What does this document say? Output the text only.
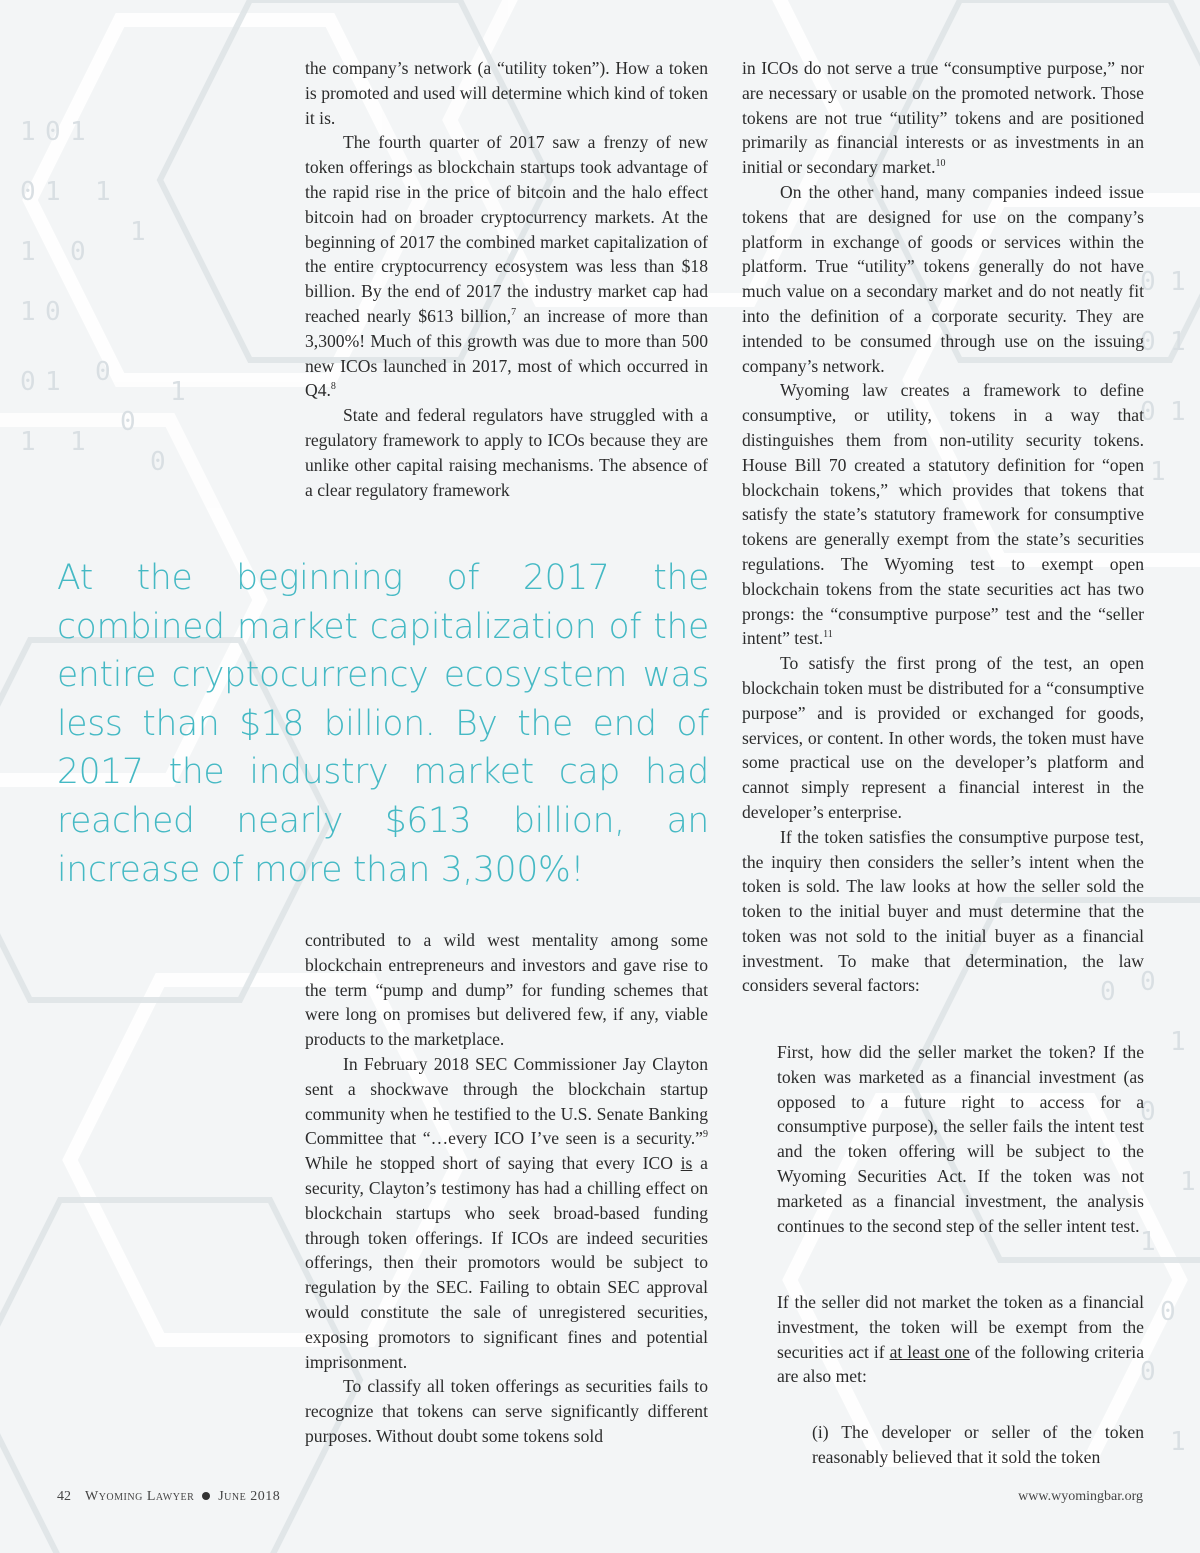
1 0 1
0 1 1
1 0
1
1 0
0 1 0
1 1
0
0
1
0 1
0 1
0 1
1
0
1
0
1
1
0
0
1
0

the company’s network (a “utility token”). How a token is promoted and used will determine which kind of token it is.

The fourth quarter of 2017 saw a frenzy of new token offerings as blockchain startups took advantage of the rapid rise in the price of bitcoin and the halo effect bitcoin had on broader cryptocurrency markets. At the beginning of 2017 the combined market capitalization of the entire cryptocurrency ecosystem was less than $18 billion. By the end of 2017 the industry market cap had reached nearly $613 billion,$^7$ an increase of more than 3,300%! Much of this growth was due to more than 500 new ICOs launched in 2017, most of which occurred in Q4.$^8$

State and federal regulators have struggled with a regulatory framework to apply to ICOs because they are unlike other capital raising mechanisms. The absence of a clear regulatory framework

At the beginning of 2017 the combined market capitalization of the entire cryptocurrency ecosystem was less than $18 billion. By the end of 2017 the industry market cap had reached nearly $613 billion, an increase of more than 3,300%!

contributed to a wild west mentality among some blockchain entrepreneurs and investors and gave rise to the term “pump and dump” for funding schemes that were long on promises but delivered few, if any, viable products to the marketplace.

In February 2018 SEC Commissioner Jay Clayton sent a shockwave through the blockchain startup community when he testified to the U.S. Senate Banking Committee that “…every ICO I’ve seen is a security.”$^9$ While he stopped short of saying that every ICO is a security, Clayton’s testimony has had a chilling effect on blockchain startups who seek broad-based funding through token offerings. If ICOs are indeed securities offerings, then their promotors would be subject to regulation by the SEC. Failing to obtain SEC approval would constitute the sale of unregistered securities, exposing promotors to significant fines and potential imprisonment.

To classify all token offerings as securities fails to recognize that tokens can serve significantly different purposes. Without doubt some tokens sold

in ICOs do not serve a true “consumptive purpose,” nor are necessary or usable on the promoted network. Those tokens are not true “utility” tokens and are positioned primarily as financial interests or as investments in an initial or secondary market.$^{10}$

On the other hand, many companies indeed issue tokens that are designed for use on the company’s platform in exchange of goods or services within the platform. True “utility” tokens generally do not have much value on a secondary market and do not neatly fit into the definition of a corporate security. They are intended to be consumed through use on the issuing company’s network.

Wyoming law creates a framework to define consumptive, or utility, tokens in a way that distinguishes them from non-utility security tokens. House Bill 70 created a statutory definition for “open blockchain tokens,” which provides that tokens that satisfy the state’s statutory framework for consumptive tokens are generally exempt from the state’s securities regulations. The Wyoming test to exempt open blockchain tokens from the state securities act has two prongs: the “consumptive purpose” test and the “seller intent” test.$^{11}$

To satisfy the first prong of the test, an open blockchain token must be distributed for a “consumptive purpose” and is provided or exchanged for goods, services, or content. In other words, the token must have some practical use on the developer’s platform and cannot simply represent a financial interest in the developer’s enterprise.

If the token satisfies the consumptive purpose test, the inquiry then considers the seller’s intent when the token is sold. The law looks at how the seller sold the token to the initial buyer and must determine that the token was not sold to the initial buyer as a financial investment. To make that determination, the law considers several factors:

First, how did the seller market the token? If the token was marketed as a financial investment (as opposed to a future right to access for a consumptive purpose), the seller fails the intent test and the token offering will be subject to the Wyoming Securities Act. If the token was not marketed as a financial investment, the analysis continues to the second step of the seller intent test.

If the seller did not market the token as a financial investment, the token will be exempt from the securities act if at least one of the following criteria are also met:

(i) The developer or seller of the token reasonably believed that it sold the token

42 Wyoming Lawyer June 2018	www.wyomingbar.org
